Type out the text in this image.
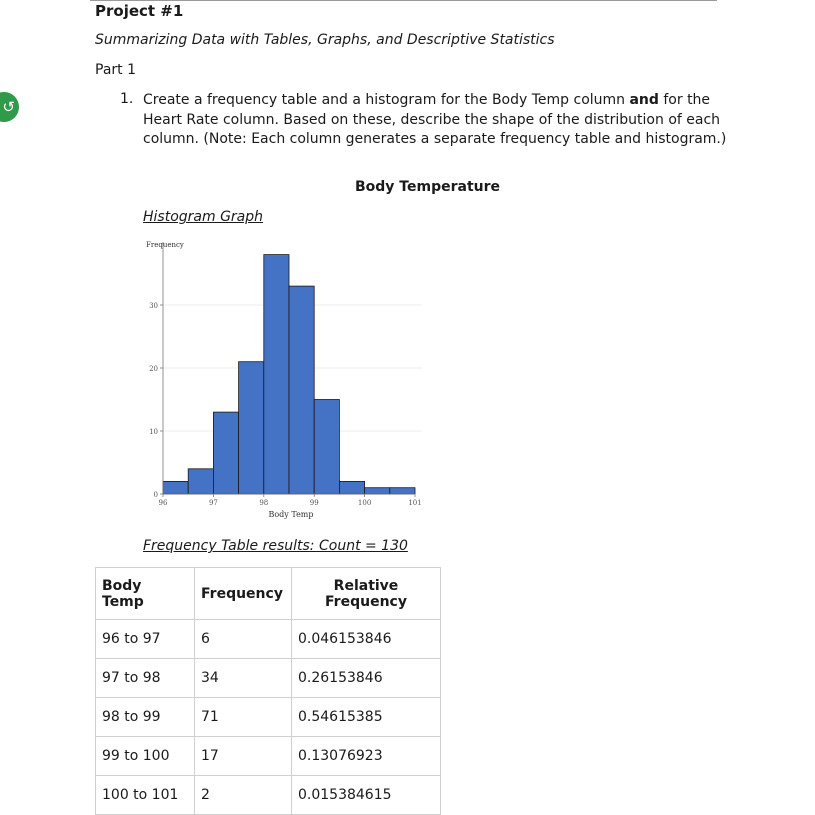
↺
Project #1
Summarizing Data with Tables, Graphs, and Descriptive Statistics
Part 1
1. Create a frequency table and a histogram for the Body Temp column and for the Heart Rate column. Based on these, describe the shape of the distribution of each column. (Note: Each column generates a separate frequency table and histogram.)
Body Temperature
Histogram Graph
0
10
20
30
96	97	98	99	100	101
Body Temp
Frequency
Frequency Table results: Count = 130
Body Temp	Frequency	Relative Frequency
96 to 97	6	0.046153846
97 to 98	34	0.26153846
98 to 99	71	0.54615385
99 to 100	17	0.13076923
100 to 101	2	0.015384615
